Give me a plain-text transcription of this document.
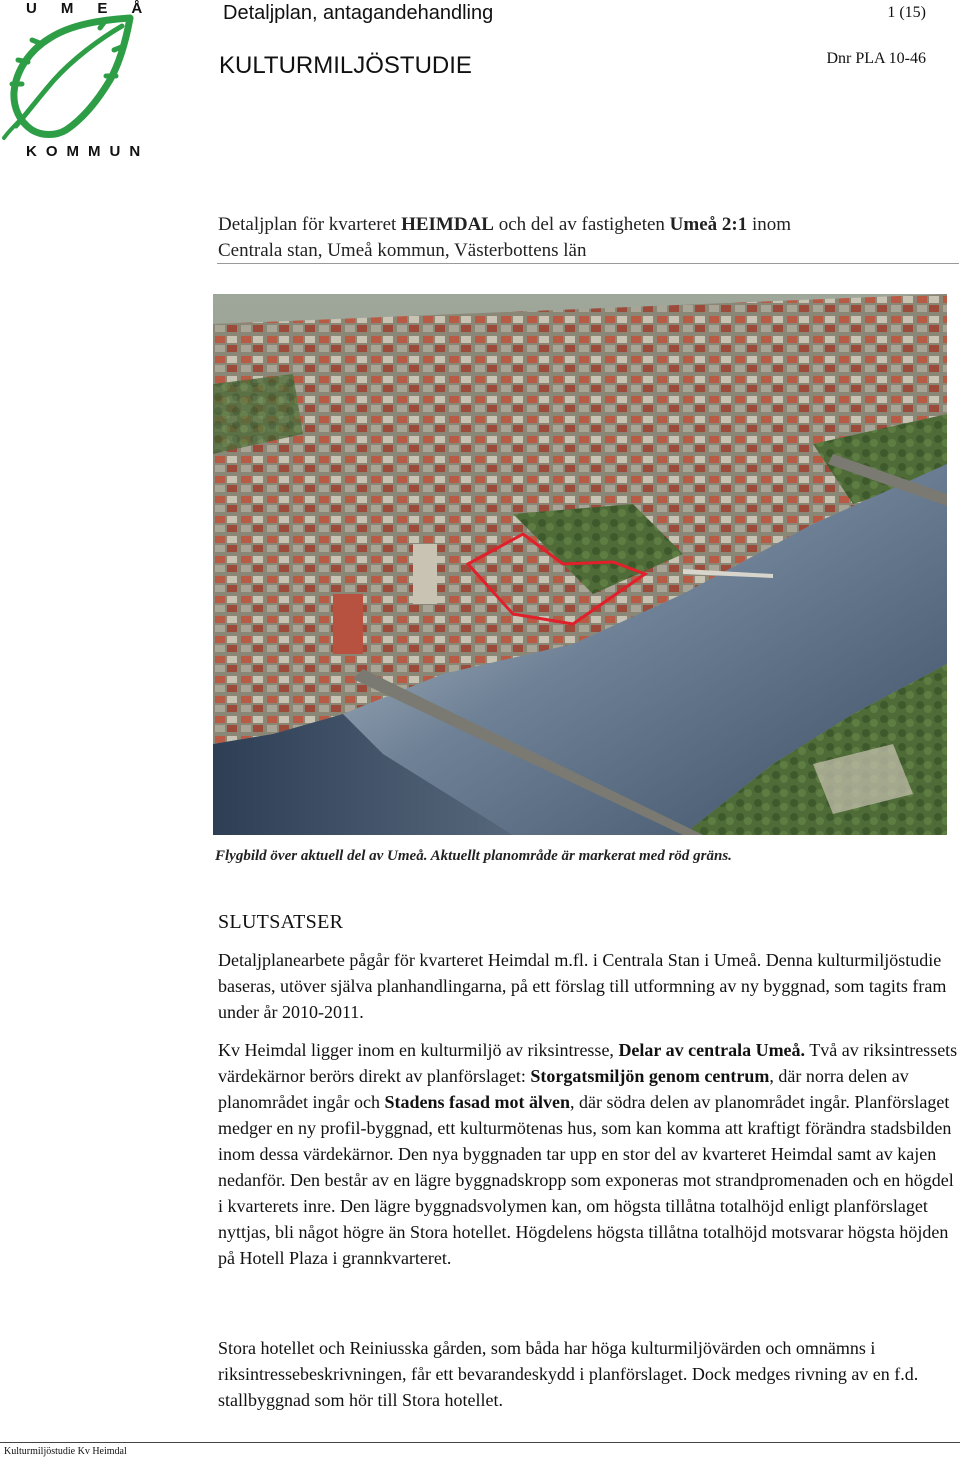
UMEÅ
KOMMUN
Detaljplan, antagandehandling	1 (15)
KULTURMILJÖSTUDIE	Dnr PLA 10-46
Detaljplan för kvarteret HEIMDAL och del av fastigheten Umeå 2:1 inom
Centrala stan, Umeå kommun, Västerbottens län
Flygbild över aktuell del av Umeå. Aktuellt planområde är markerat med röd gräns.
SLUTSATSER

Detaljplanearbete pågår för kvarteret Heimdal m.fl. i Centrala Stan i Umeå. Denna kulturmiljöstudie baseras, utöver själva planhandlingarna, på ett förslag till utformning av ny byggnad, som tagits fram under år 2010-2011.

Kv Heimdal ligger inom en kulturmiljö av riksintresse, Delar av centrala Umeå. Två av riksintressets värdekärnor berörs direkt av planförslaget: Storgatsmiljön genom centrum, där norra delen av planområdet ingår och Stadens fasad mot älven, där södra delen av planområdet ingår. Planförslaget medger en ny profil-byggnad, ett kulturmötenas hus, som kan komma att kraftigt förändra stadsbilden inom dessa värdekärnor. Den nya byggnaden tar upp en stor del av kvarteret Heimdal samt av kajen nedanför. Den består av en lägre byggnadskropp som exponeras mot strandpromenaden och en högdel i kvarterets inre. Den lägre byggnadsvolymen kan, om högsta tillåtna totalhöjd enligt planförslaget nyttjas, bli något högre än Stora hotellet. Högdelens högsta tillåtna totalhöjd motsvarar högsta höjden på Hotell Plaza i grannkvarteret.

Stora hotellet och Reiniusska gården, som båda har höga kulturmiljövärden och omnämns i riksintressebeskrivningen, får ett bevarandeskydd i planförslaget. Dock medges rivning av en f.d. stallbyggnad som hör till Stora hotellet.

Kulturmiljöstudie Kv Heimdal
